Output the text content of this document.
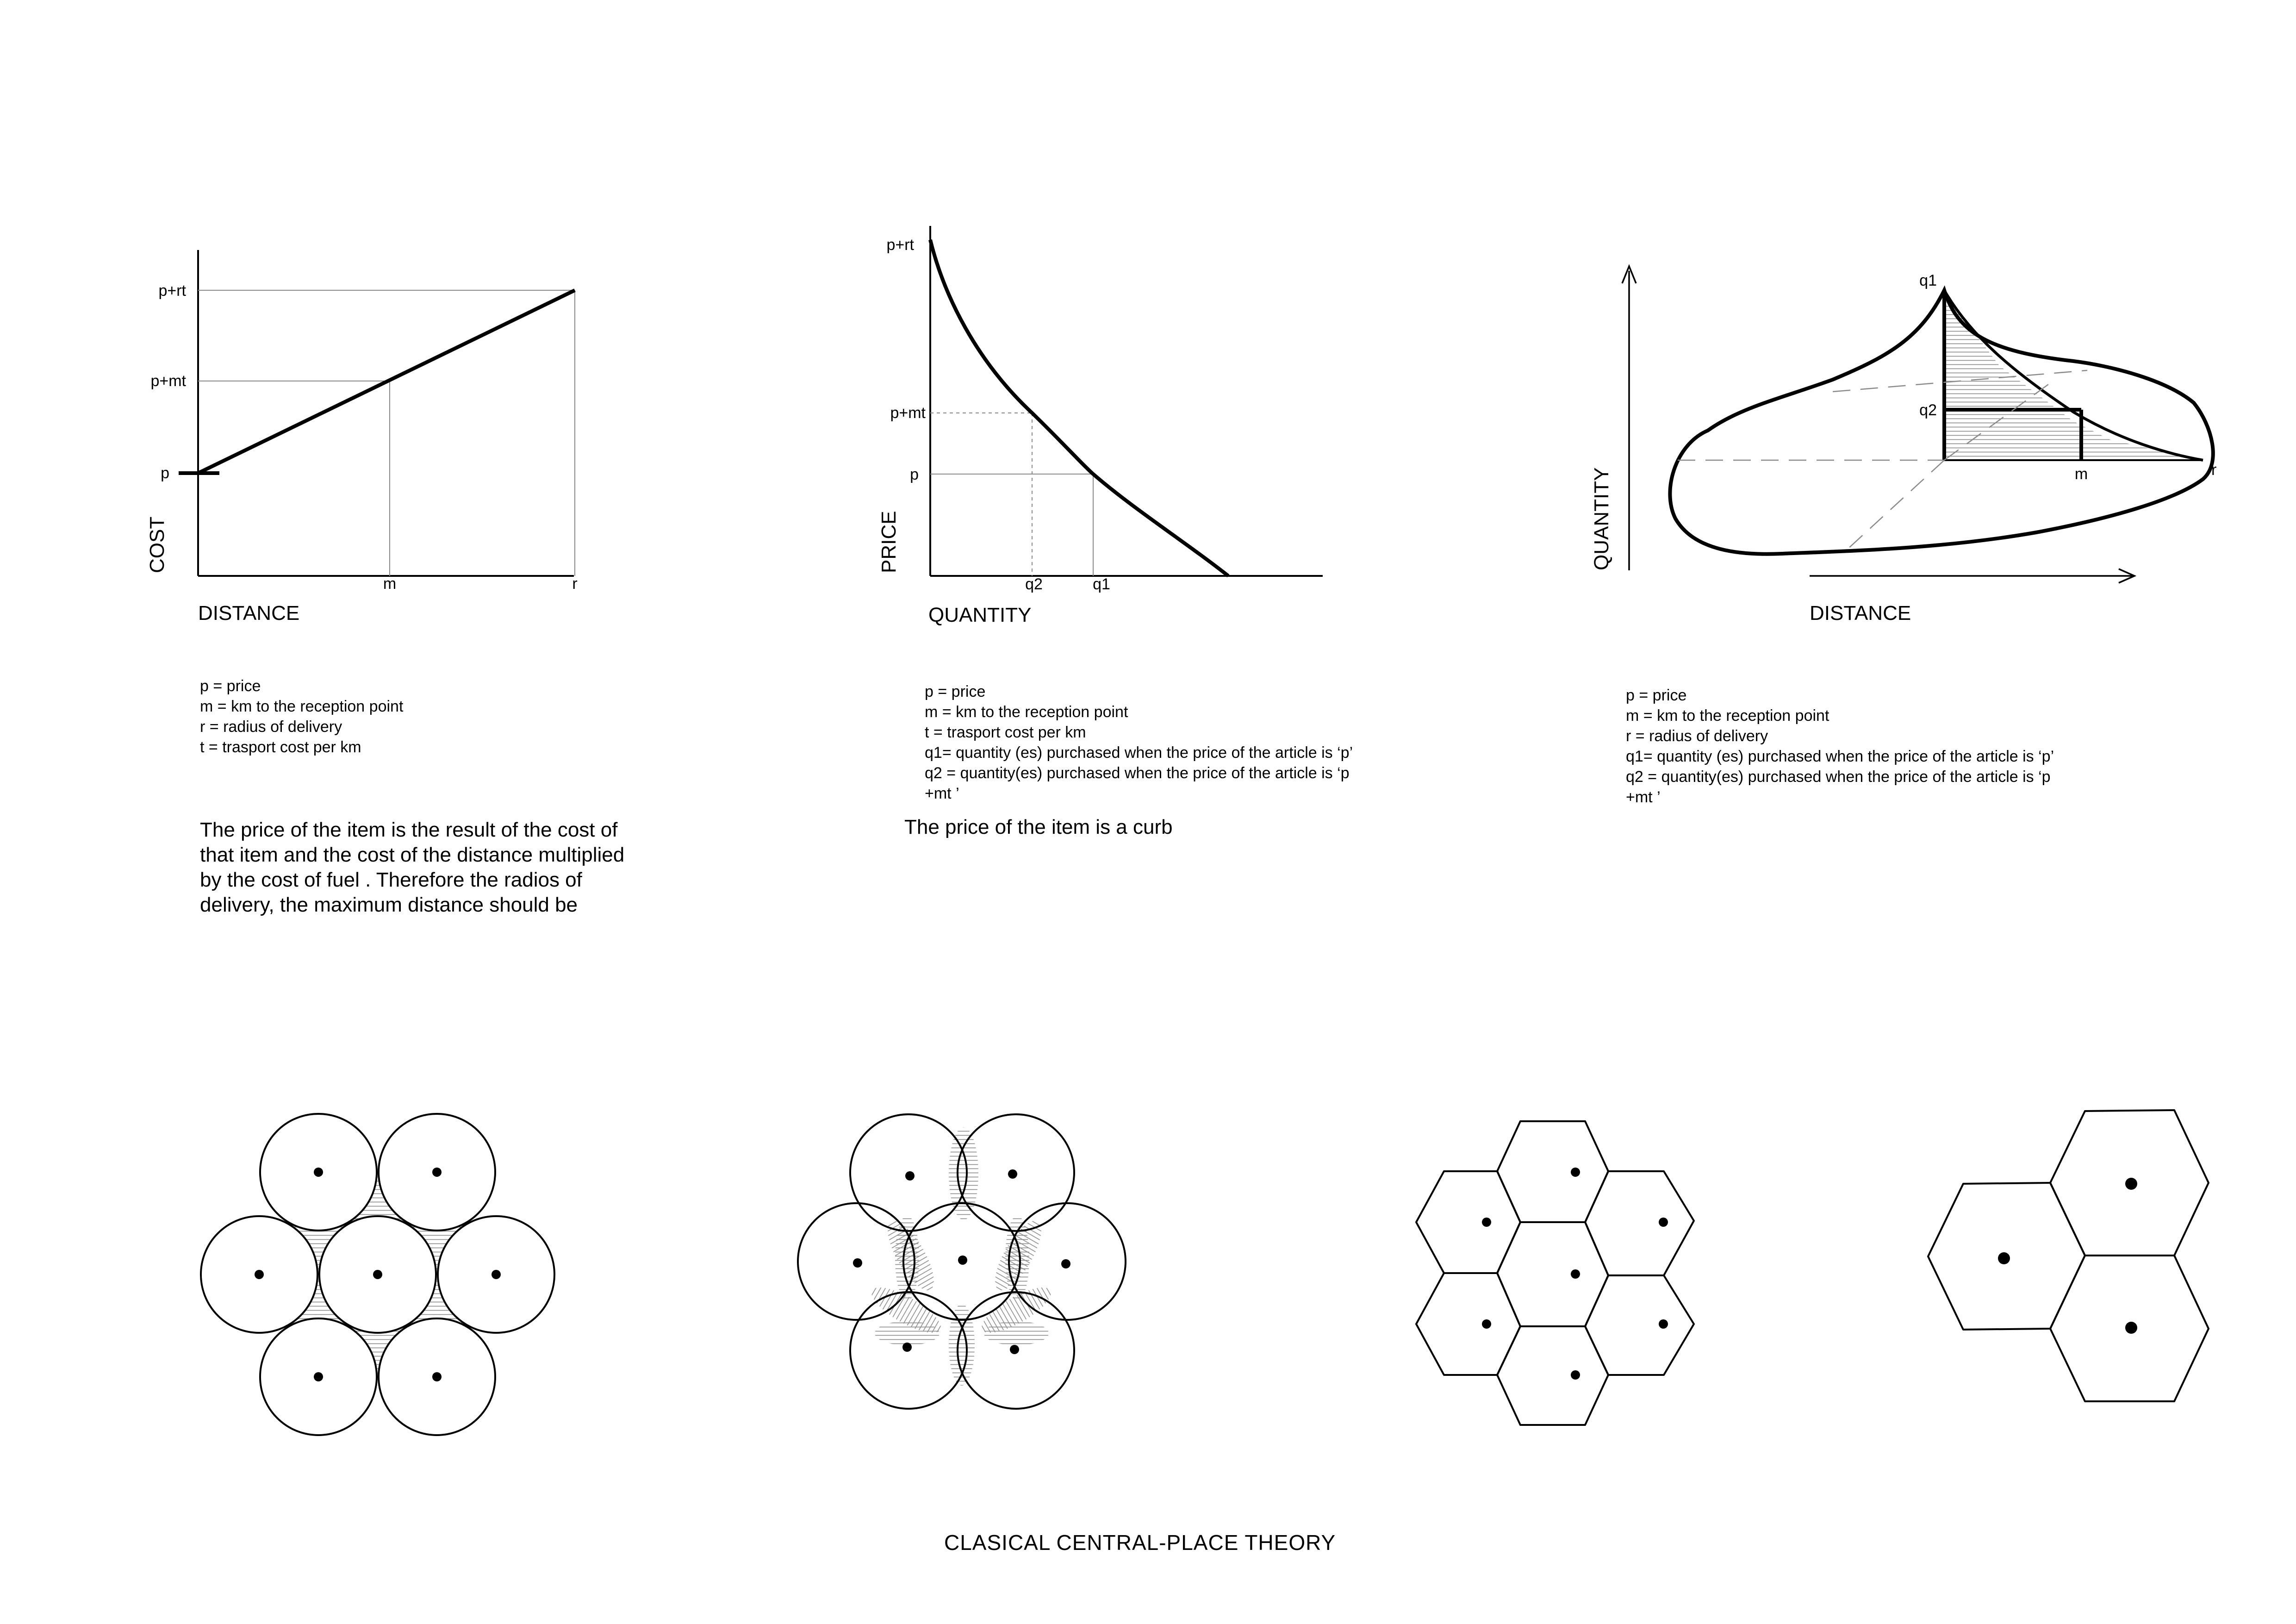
p+rt
p+mt
p
m	r
COST
DISTANCE
p+rt
p+mt
p
q2	q1
PRICE
QUANTITY
q1
q2
m	r
QUANTITY
DISTANCE
p = price
m = km to the reception point
r = radius of delivery
t = trasport cost per km
The price of the item is the result of the cost of
that item and the cost of the distance multiplied
by the cost of fuel . Therefore the radios of
delivery, the maximum distance should be
p = price
m = km to the reception point
t = trasport cost per km
q1= quantity (es) purchased when the price of the article is ‘p’
q2 = quantity(es) purchased when the price of the article is ‘p
+mt ’
The price of the item is a curb
p = price
m = km to the reception point
r = radius of delivery
q1= quantity (es) purchased when the price of the article is ‘p’
q2 = quantity(es) purchased when the price of the article is ‘p
+mt ’
CLASICAL CENTRAL-PLACE THEORY
